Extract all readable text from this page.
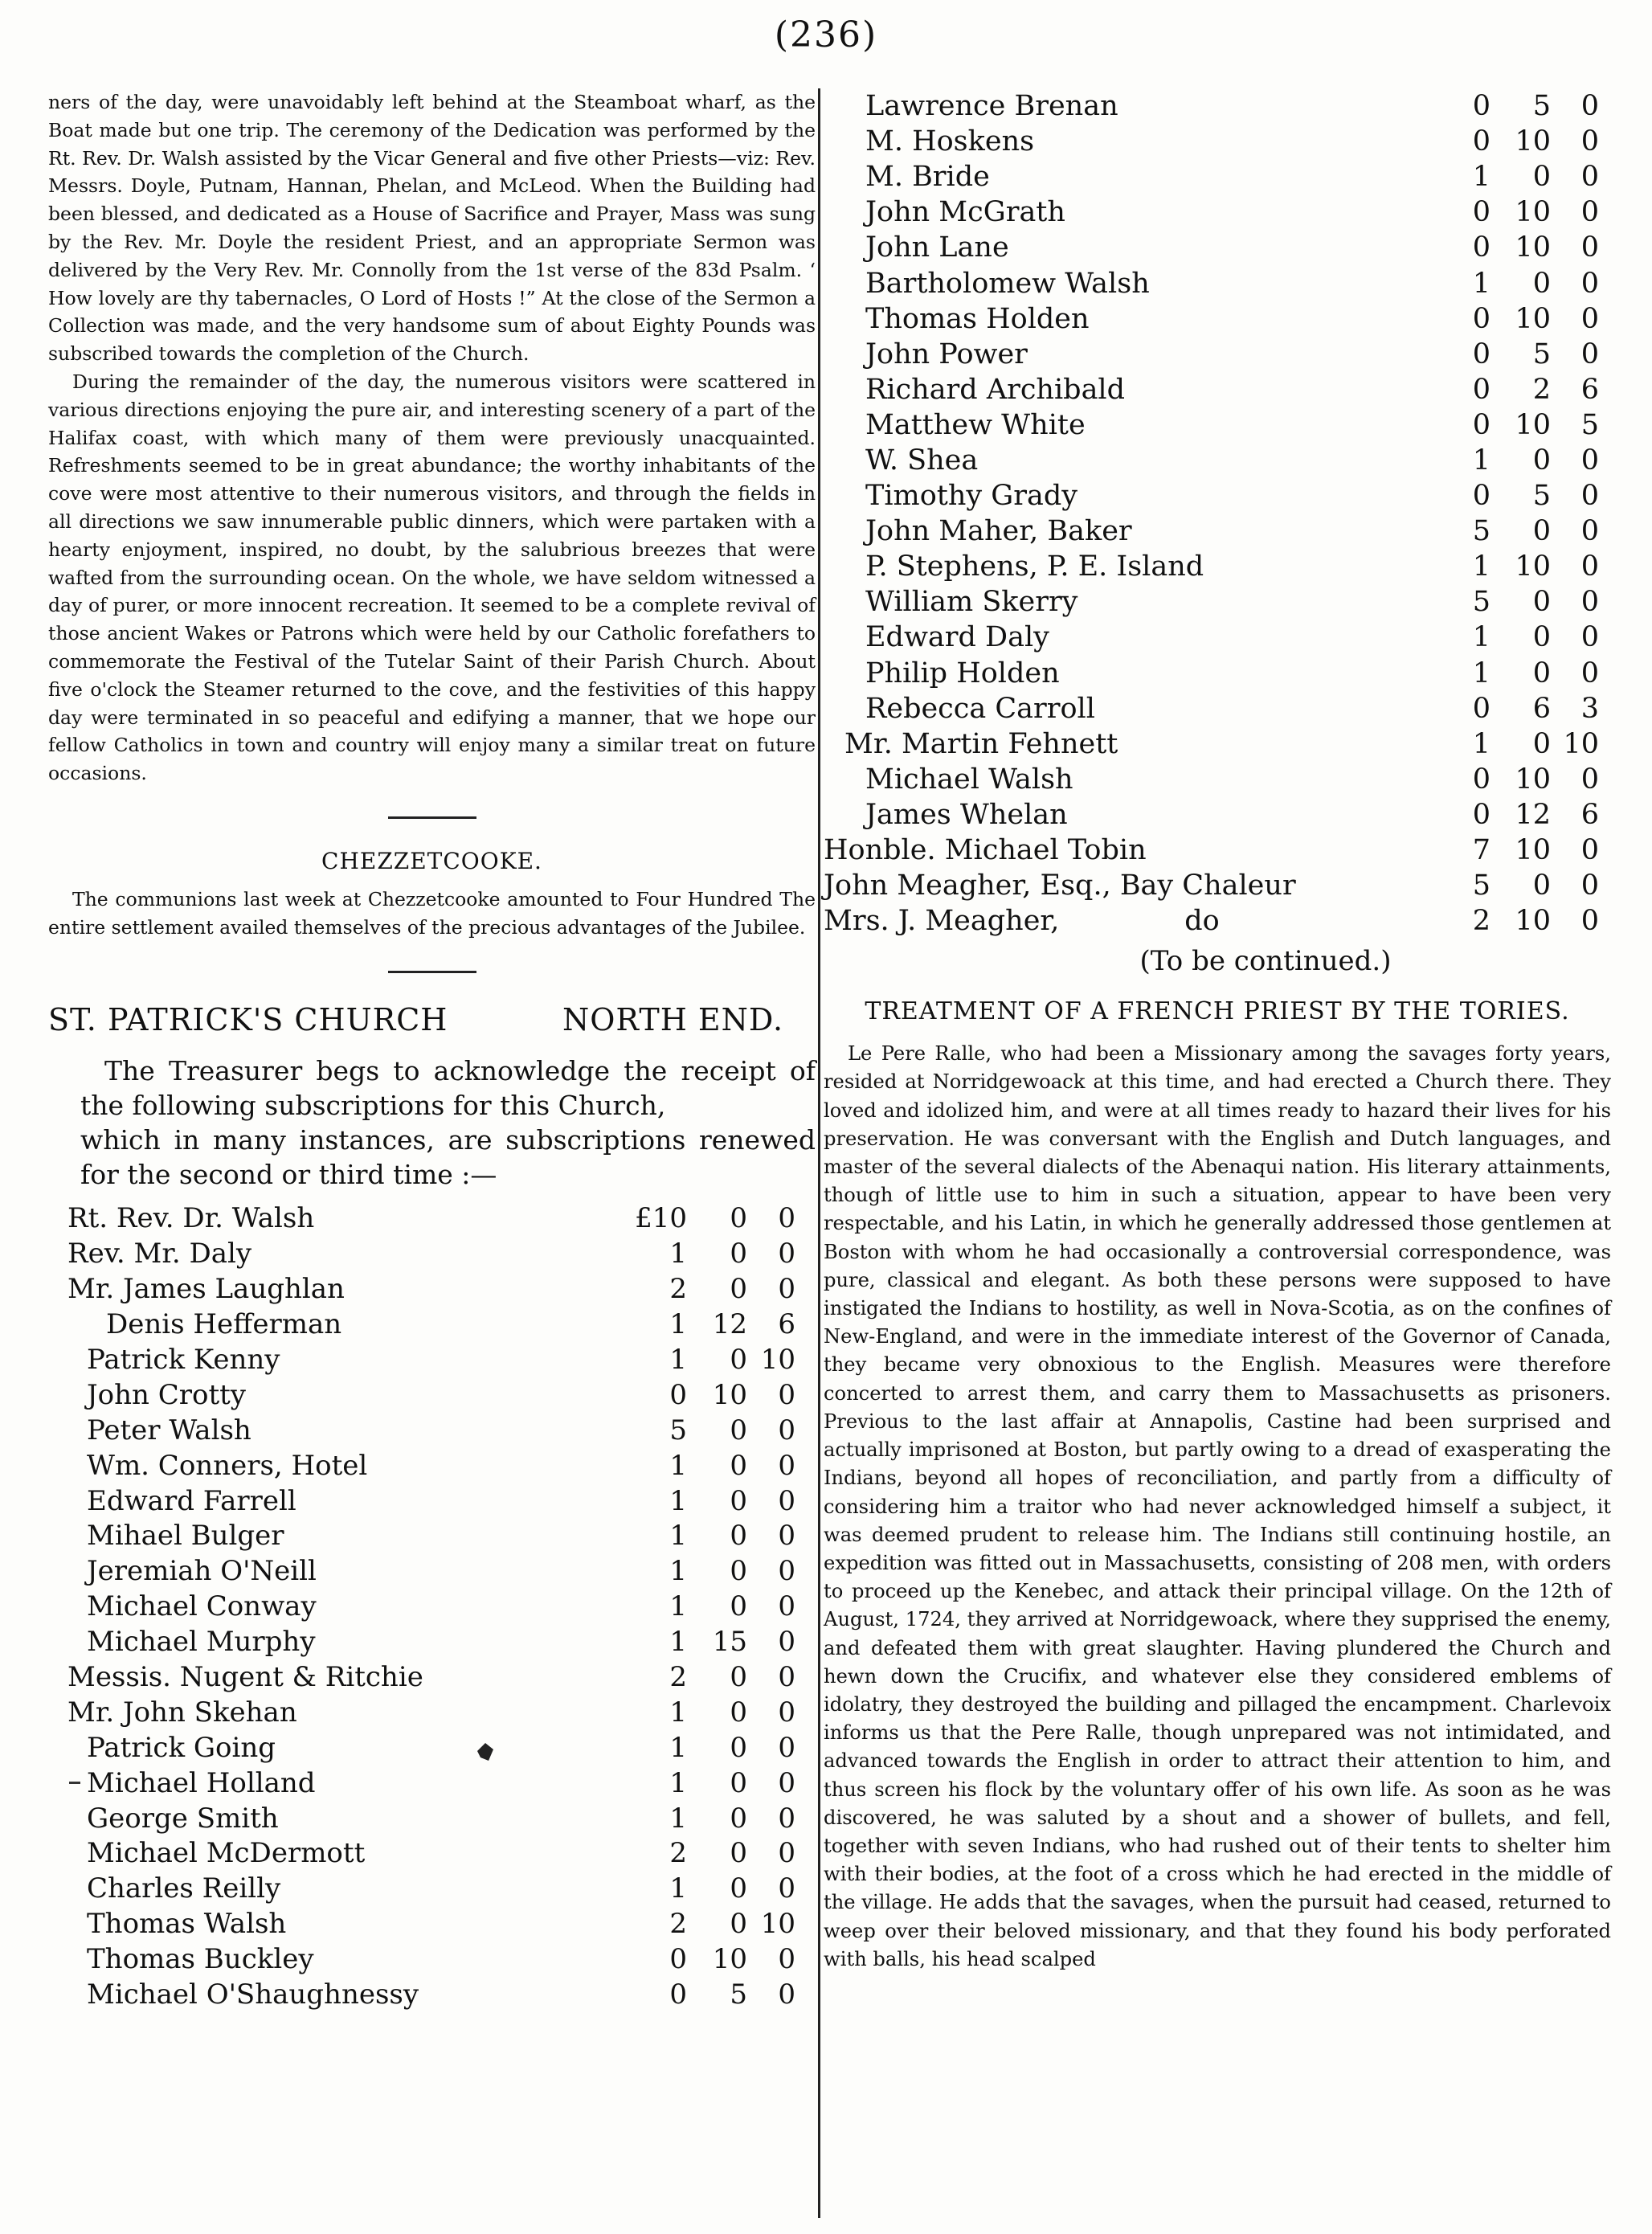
(236)

ners of the day, were unavoidably left behind at the Steamboat wharf, as the Boat made but one trip. The ceremony of the Dedication was performed by the Rt. Rev. Dr. Walsh assisted by the Vicar General and five other Priests—viz: Rev. Messrs. Doyle, Putnam, Hannan, Phelan, and McLeod. When the Building had been blessed, and dedicated as a House of Sacrifice and Prayer, Mass was sung by the Rev. Mr. Doyle the resident Priest, and an appropriate Sermon was delivered by the Very Rev. Mr. Connolly from the 1st verse of the 83d Psalm. ‘ How lovely are thy tabernacles, O Lord of Hosts !” At the close of the Sermon a Collection was made, and the very handsome sum of about Eighty Pounds was subscribed towards the completion of the Church.

During the remainder of the day, the numerous visitors were scattered in various directions enjoying the pure air, and interesting scenery of a part of the Halifax coast, with which many of them were previously unacquainted. Refreshments seemed to be in great abundance; the worthy inhabitants of the cove were most attentive to their numerous visitors, and through the fields in all directions we saw innumerable public dinners, which were partaken with a hearty enjoyment, inspired, no doubt, by the salubrious breezes that were wafted from the surrounding ocean. On the whole, we have seldom witnessed a day of purer, or more innocent recreation. It seemed to be a complete revival of those ancient Wakes or Patrons which were held by our Catholic forefathers to commemorate the Festival of the Tutelar Saint of their Parish Church. About five o'clock the Steamer returned to the cove, and the festivities of this happy day were terminated in so peaceful and edifying a manner, that we hope our fellow Catholics in town and country will enjoy many a similar treat on future occasions.

CHEZZETCOOKE.

The communions last week at Chezzetcooke amounted to Four Hundred The entire settlement availed themselves of the precious advantages of the Jubilee.

ST. PATRICK'S CHURCH	NORTH END.
The Treasurer begs to acknowledge the receipt of the following subscriptions for this Church,
which in many instances, are subscriptions renewed for the second or third time :—
Rt. Rev. Dr. Walsh	£10	0	0
Rev. Mr. Daly	1	0	0
Mr. James Laughlan	2	0	0
Denis Hefferman	1	12	6
Patrick Kenny	1	0	10
John Crotty	0	10	0
Peter Walsh	5	0	0
Wm. Conners, Hotel	1	0	0
Edward Farrell	1	0	0
Mihael Bulger	1	0	0
Jeremiah O'Neill	1	0	0
Michael Conway	1	0	0
Michael Murphy	1	15	0
Messis. Nugent & Ritchie	2	0	0
Mr. John Skehan	1	0	0
Patrick Going	1	0	0
Michael Holland	1	0	0
George Smith	1	0	0
Michael McDermott	2	0	0
Charles Reilly	1	0	0
Thomas Walsh	2	0	10
Thomas Buckley	0	10	0
Michael O'Shaughnessy	0	5	0
Lawrence Brenan	0	5	0
M. Hoskens	0	10	0
M. Bride	1	0	0
John McGrath	0	10	0
John Lane	0	10	0
Bartholomew Walsh	1	0	0
Thomas Holden	0	10	0
John Power	0	5	0
Richard Archibald	0	2	6
Matthew White	0	10	5
W. Shea	1	0	0
Timothy Grady	0	5	0
John Maher, Baker	5	0	0
P. Stephens, P. E. Island	1	10	0
William Skerry	5	0	0
Edward Daly	1	0	0
Philip Holden	1	0	0
Rebecca Carroll	0	6	3
Mr. Martin Fehnett	1	0	10
Michael Walsh	0	10	0
James Whelan	0	12	6
Honble. Michael Tobin	7	10	0
John Meagher, Esq., Bay Chaleur	5	0	0
Mrs. J. Meagher,              do	2	10	0
(To be continued.)
TREATMENT OF A FRENCH PRIEST BY THE TORIES.

Le Pere Ralle, who had been a Missionary among the savages forty years, resided at Norridgewoack at this time, and had erected a Church there. They loved and idolized him, and were at all times ready to hazard their lives for his preservation. He was conversant with the English and Dutch languages, and master of the several dialects of the Abenaqui nation. His literary attainments, though of little use to him in such a situation, appear to have been very respectable, and his Latin, in which he generally addressed those gentlemen at Boston with whom he had occasionally a controversial correspondence, was pure, classical and elegant. As both these persons were supposed to have instigated the Indians to hostility, as well in Nova-Scotia, as on the confines of New-England, and were in the immediate interest of the Governor of Canada, they became very obnoxious to the English. Measures were therefore concerted to arrest them, and carry them to Massachusetts as prisoners. Previous to the last affair at Annapolis, Castine had been surprised and actually imprisoned at Boston, but partly owing to a dread of exasperating the Indians, beyond all hopes of reconciliation, and partly from a difficulty of considering him a traitor who had never acknowledged himself a subject, it was deemed prudent to release him. The Indians still continuing hostile, an expedition was fitted out in Massachusetts, consisting of 208 men, with orders to proceed up the Kenebec, and attack their principal village. On the 12th of August, 1724, they arrived at Norridgewoack, where they supprised the enemy, and defeated them with great slaughter. Having plundered the Church and hewn down the Crucifix, and whatever else they considered emblems of idolatry, they destroyed the building and pillaged the encampment. Charlevoix informs us that the Pere Ralle, though unprepared was not intimidated, and advanced towards the English in order to attract their attention to him, and thus screen his flock by the voluntary offer of his own life. As soon as he was discovered, he was saluted by a shout and a shower of bullets, and fell, together with seven Indians, who had rushed out of their tents to shelter him with their bodies, at the foot of a cross which he had erected in the middle of the village. He adds that the savages, when the pursuit had ceased, returned to weep over their beloved missionary, and that they found his body perforated with balls, his head scalped
